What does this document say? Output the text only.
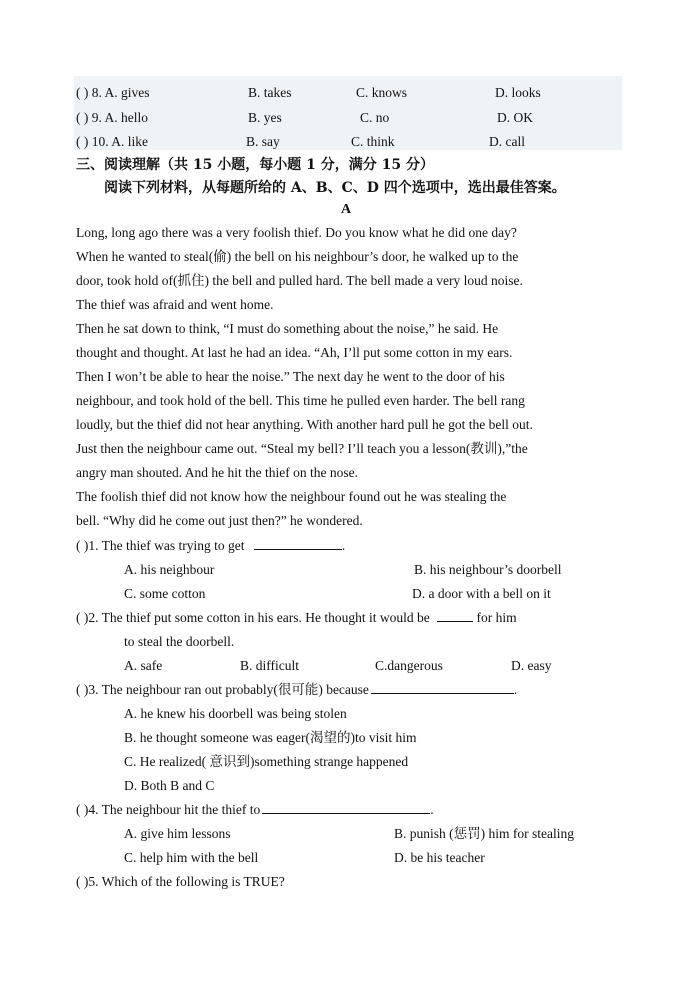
( ) 8. A. gives	B. takes	C. knows	D. looks
( ) 9. A. hello	B. yes	C. no	D. OK
( ) 10. A. like	B. say	C. think	D. call
三、阅读理解（共 15 小题，每小题 1 分，满分 15 分）
阅读下列材料，从每题所给的 A、B、C、D 四个选项中，选出最佳答案。
A
Long, long ago there was a very foolish thief. Do you know what he did one day?
When he wanted to steal(偷) the bell on his neighbour’s door, he walked up to the
door, took hold of(抓住) the bell and pulled hard. The bell made a very loud noise.
The thief was afraid and went home.
Then he sat down to think, “I must do something about the noise,” he said. He
thought and thought. At last he had an idea. “Ah, I’ll put some cotton in my ears.
Then I won’t be able to hear the noise.” The next day he went to the door of his
neighbour, and took hold of the bell. This time he pulled even harder. The bell rang
loudly, but the thief did not hear anything. With another hard pull he got the bell out.
Just then the neighbour came out. “Steal my bell? I’ll teach you a lesson(教训),”the
angry man shouted. And he hit the thief on the nose.
The foolish thief did not know how the neighbour found out he was stealing the
bell. “Why did he come out just then?” he wondered.
( )1. The thief was trying to get	.
A. his neighbour	B. his neighbour’s doorbell
C. some cotton	D. a door with a bell on it
( )2. The thief put some cotton in his ears. He thought it would be	for him
to steal the doorbell.
A. safe	B. difficult	C.dangerous	D. easy
( )3. The neighbour ran out probably(很可能) because	.
A. he knew his doorbell was being stolen
B. he thought someone was eager(渴望的)to visit him
C. He realized( 意识到)something strange happened
D. Both B and C
( )4. The neighbour hit the thief to	.
A. give him lessons	B. punish (惩罚) him for stealing
C. help him with the bell	D. be his teacher
( )5. Which of the following is TRUE?
